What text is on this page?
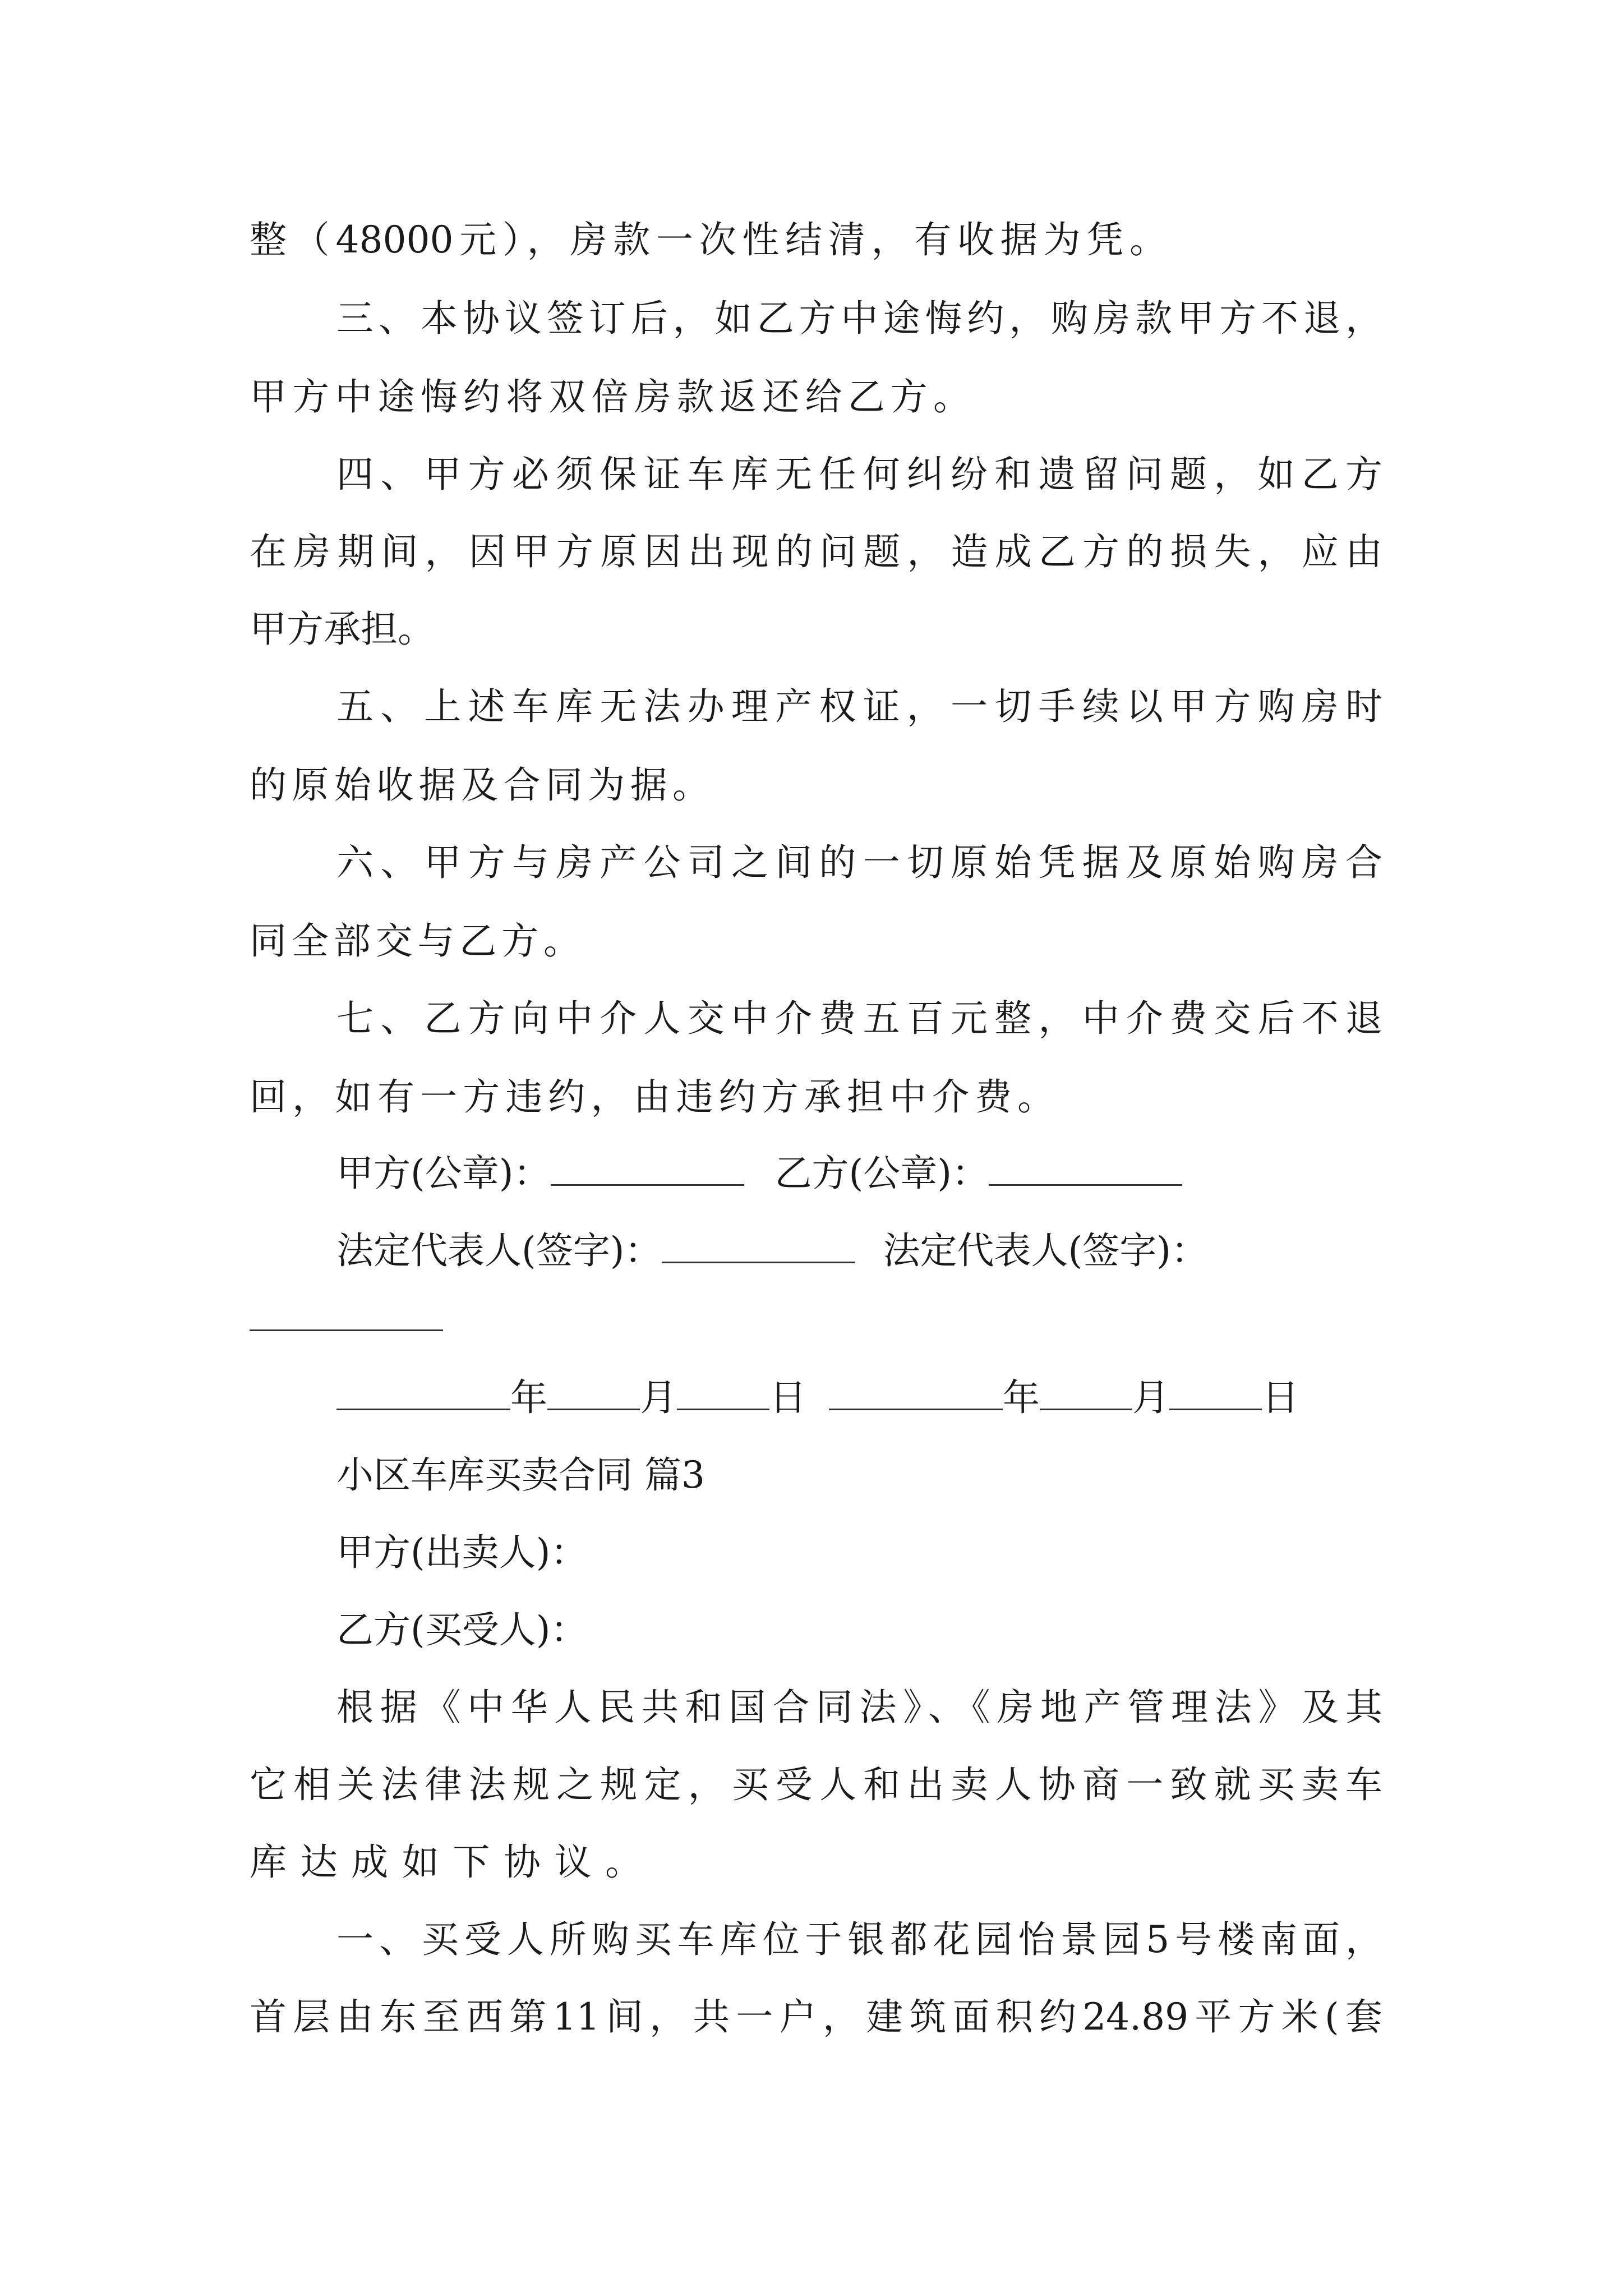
整（48000元），房款一次性结清，有收据为凭。
三、本协议签订后，如乙方中途悔约，购房款甲方不退，
甲方中途悔约将双倍房款返还给乙方。
四、甲方必须保证车库无任何纠纷和遗留问题，如乙方
在房期间，因甲方原因出现的问题，造成乙方的损失，应由
甲方承担。
五、上述车库无法办理产权证，一切手续以甲方购房时
的原始收据及合同为据。
六、甲方与房产公司之间的一切原始凭据及原始购房合
同全部交与乙方。
七、乙方向中介人交中介费五百元整，中介费交后不退
回，如有一方违约，由违约方承担中介费。
甲方(公章)：	乙方(公章)：
法定代表人(签字)：	法定代表人(签字)：
年	月	日	年	月	日
小区车库买卖合同 篇3
甲方(出卖人)：
乙方(买受人)：
根据《中华人民共和国合同法》、《房地产管理法》及其
它相关法律法规之规定，买受人和出卖人协商一致就买卖车
库达成如下协议。
一、买受人所购买车库位于银都花园怡景园5号楼南面，
首层由东至西第11间，共一户，建筑面积约24.89平方米(套
